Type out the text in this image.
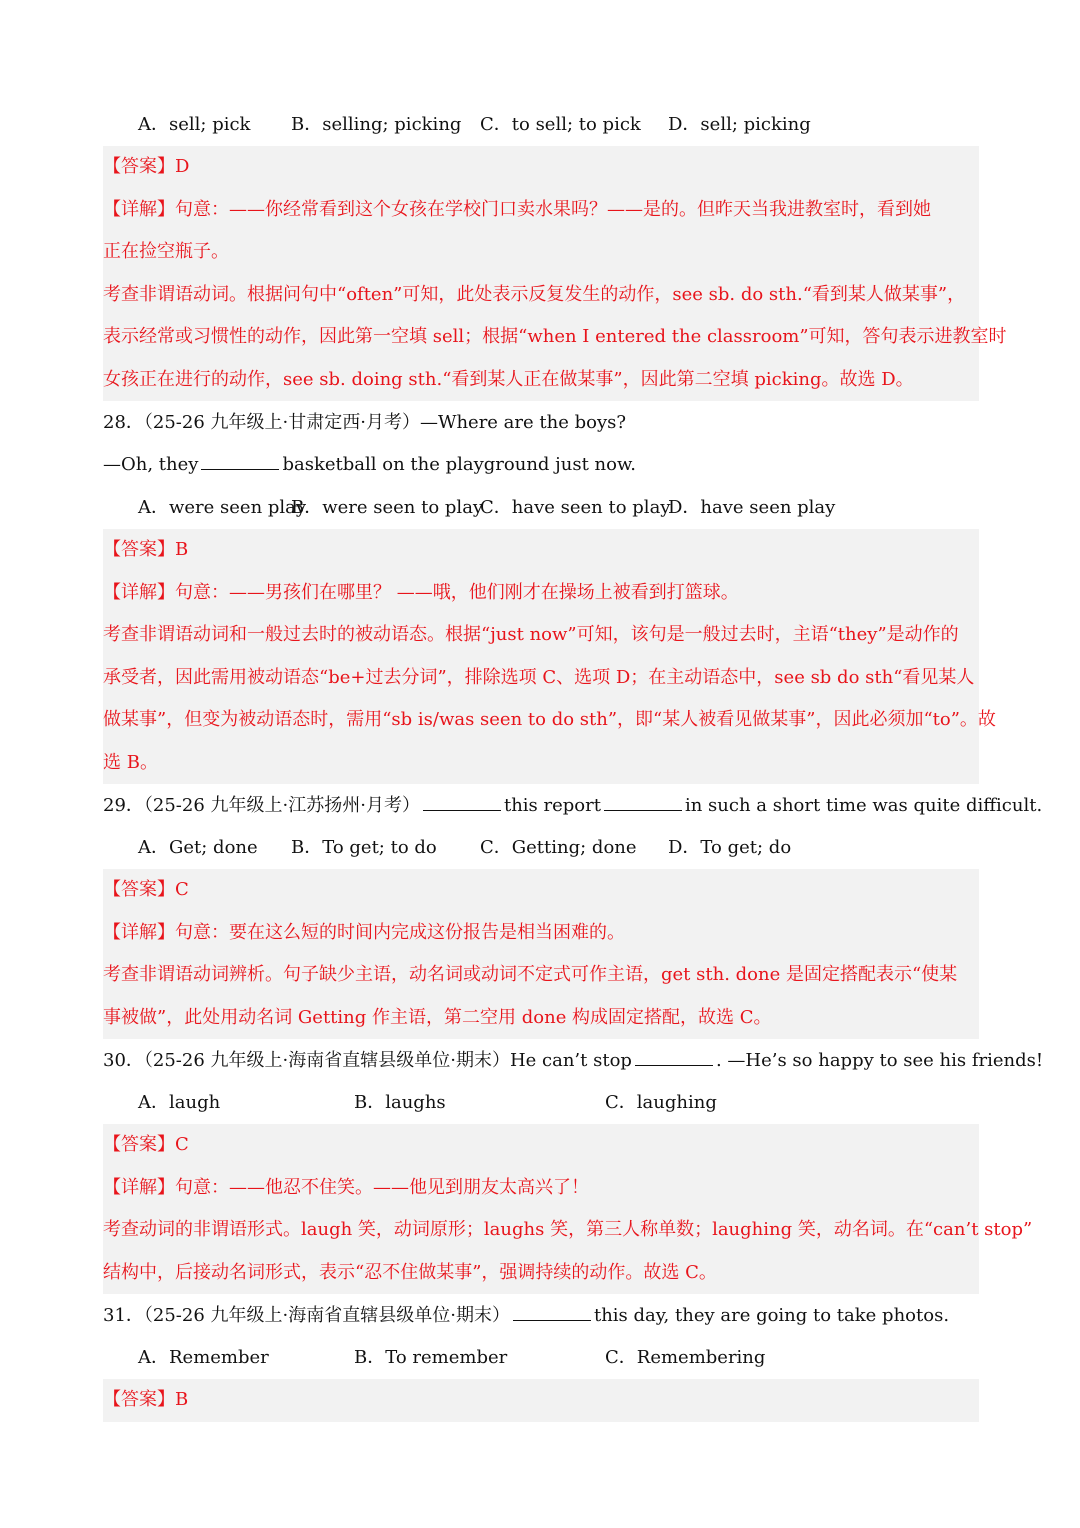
A．sell; pick B．selling; picking C．to sell; to pick D．sell; picking
【答案】D
【详解】句意：——你经常看到这个女孩在学校门口卖水果吗？——是的。但昨天当我进教室时，看到她
正在捡空瓶子。
考查非谓语动词。根据问句中“often”可知，此处表示反复发生的动作，see sb. do sth.“看到某人做某事”，
表示经常或习惯性的动作，因此第一空填 sell；根据“when I entered the classroom”可知，答句表示进教室时
女孩正在进行的动作，see sb. doing sth.“看到某人正在做某事”，因此第二空填 picking。故选 D。
28．（25-26 九年级上·甘肃定西·月考）—Where are the boys?
—Oh, they	basketball on the playground just now.
A．were seen play
B．were seen to play
C．have seen to play
D．have seen play
【答案】B
【详解】句意：——男孩们在哪里？ ——哦，他们刚才在操场上被看到打篮球。
考查非谓语动词和一般过去时的被动语态。根据“just now”可知，该句是一般过去时，主语“they”是动作的
承受者，因此需用被动语态“be+过去分词”，排除选项 C、选项 D；在主动语态中，see sb do sth“看见某人
做某事”，但变为被动语态时，需用“sb is/was seen to do sth”，即“某人被看见做某事”，因此必须加“to”。故
选 B。
29．（25-26 九年级上·江苏扬州·月考）	this report	in such a short time was quite difficult.
A．Get; done B．To get; to do C．Getting; done D．To get; do
【答案】C
【详解】句意：要在这么短的时间内完成这份报告是相当困难的。
考查非谓语动词辨析。句子缺少主语，动名词或动词不定式可作主语，get sth. done 是固定搭配表示“使某
事被做”，此处用动名词 Getting 作主语，第二空用 done 构成固定搭配，故选 C。
30．（25-26 九年级上·海南省直辖县级单位·期末）He can’t stop	. —He’s so happy to see his friends!
A．laugh	B．laughs	C．laughing
【答案】C
【详解】句意：——他忍不住笑。——他见到朋友太高兴了！
考查动词的非谓语形式。laugh 笑，动词原形；laughs 笑，第三人称单数；laughing 笑，动名词。在“can’t stop”
结构中，后接动名词形式，表示“忍不住做某事”，强调持续的动作。故选 C。
31．（25-26 九年级上·海南省直辖县级单位·期末）	this day, they are going to take photos.
A．Remember	B．To remember	C．Remembering
【答案】B
